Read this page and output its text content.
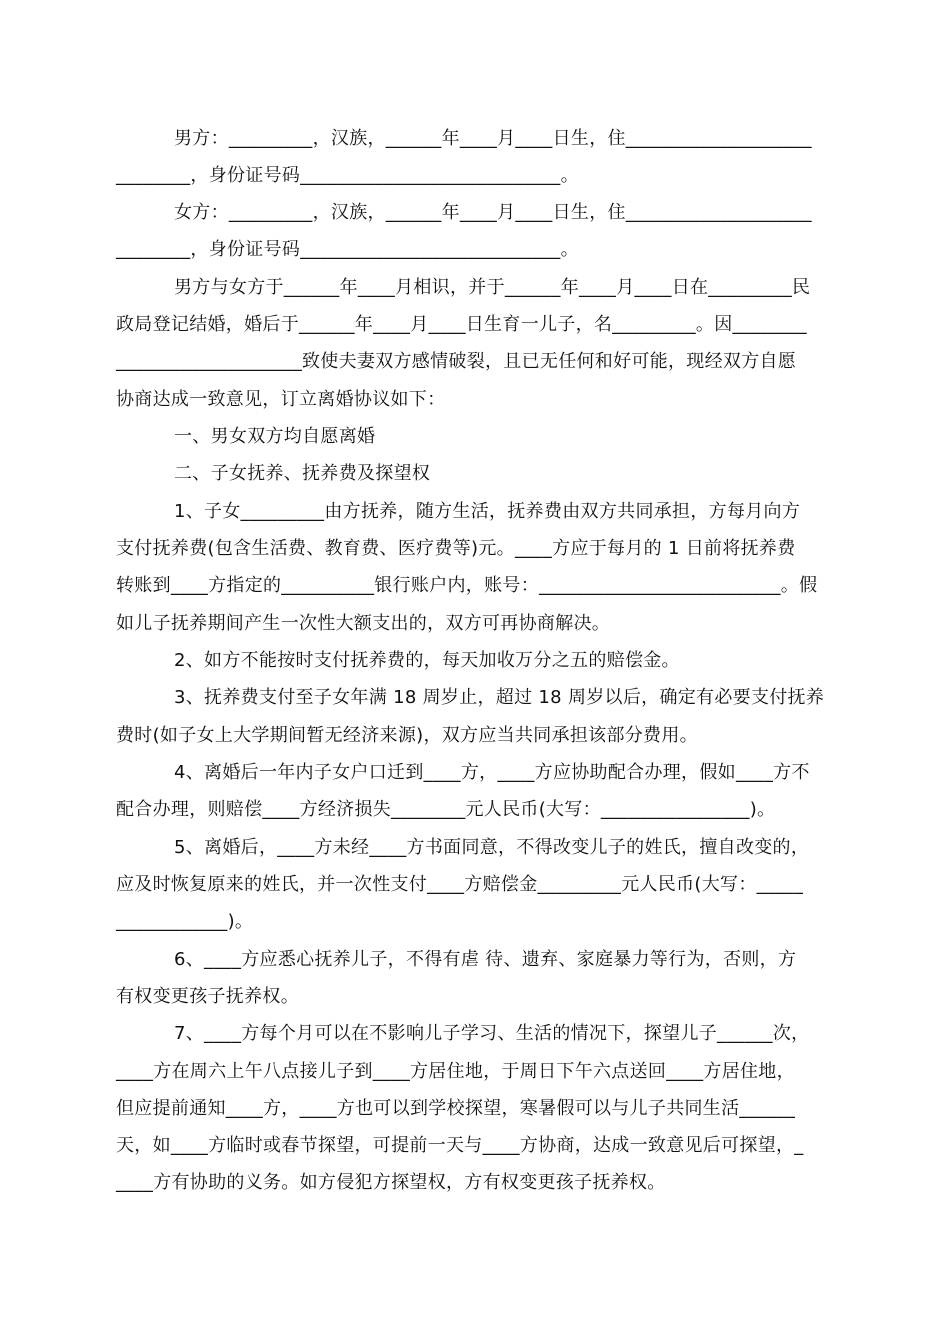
男方：_________，汉族，______年____月____日生，住____________________
________，身份证号码____________________________。
女方：_________，汉族，______年____月____日生，住____________________
________，身份证号码____________________________。
男方与女方于______年____月相识，并于______年____月____日在_________民
政局登记结婚，婚后于______年____月____日生育一儿子，名_________。因________
____________________致使夫妻双方感情破裂，且已无任何和好可能，现经双方自愿
协商达成一致意见，订立离婚协议如下：
一、男女双方均自愿离婚
二、子女抚养、抚养费及探望权
1、子女_________由方抚养，随方生活，抚养费由双方共同承担，方每月向方
支付抚养费(包含生活费、教育费、医疗费等)元。____方应于每月的 1 日前将抚养费
转账到____方指定的__________银行账户内，账号：__________________________。假
如儿子抚养期间产生一次性大额支出的，双方可再协商解决。
2、如方不能按时支付抚养费的，每天加收万分之五的赔偿金。
3、抚养费支付至子女年满 18 周岁止，超过 18 周岁以后，确定有必要支付抚养
费时(如子女上大学期间暂无经济来源)，双方应当共同承担该部分费用。
4、离婚后一年内子女户口迁到____方，____方应协助配合办理，假如____方不
配合办理，则赔偿____方经济损失________元人民币(大写：________________)。
5、离婚后，____方未经____方书面同意，不得改变儿子的姓氏，擅自改变的，
应及时恢复原来的姓氏，并一次性支付____方赔偿金_________元人民币(大写：_____
____________)。
6、____方应悉心抚养儿子，不得有虐 待、遗弃、家庭暴力等行为，否则，方
有权变更孩子抚养权。
7、____方每个月可以在不影响儿子学习、生活的情况下，探望儿子______次，
____方在周六上午八点接儿子到____方居住地，于周日下午六点送回____方居住地，
但应提前通知____方，____方也可以到学校探望，寒暑假可以与儿子共同生活______
天，如____方临时或春节探望，可提前一天与____方协商，达成一致意见后可探望，_
____方有协助的义务。如方侵犯方探望权，方有权变更孩子抚养权。
